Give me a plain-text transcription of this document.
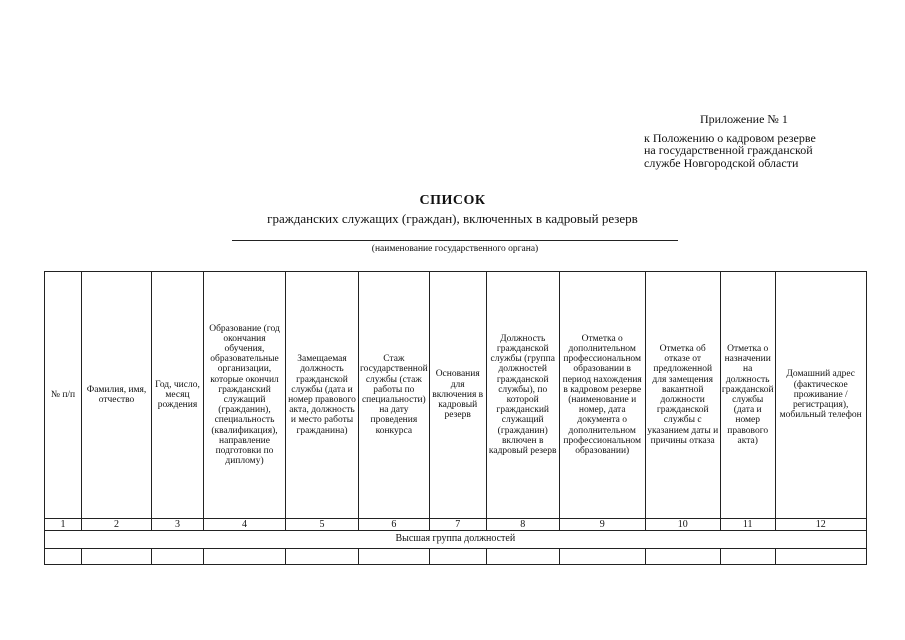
Приложение № 1
к Положению о кадровом резерве
на государственной гражданской
службе Новгородской области
СПИСОК
гражданских служащих (граждан), включенных в кадровый резерв
(наименование государственного органа)
№ п/п	Фамилия, имя, отчество	Год, число, месяц рождения	Образование (год окончания обучения, образовательные организации, которые окончил гражданский служащий (гражданин), специальность (квалификация), направление подготовки по диплому)	Замещаемая должность гражданской службы (дата и номер правового акта, должность и место работы гражданина)	Стаж государственной службы (стаж работы по специальности) на дату проведения конкурса	Основания для включения в кадровый резерв	Должность гражданской службы (группа должностей гражданской службы), по которой гражданский служащий (гражданин) включен в кадровый резерв	Отметка о дополнительном профессиональном образовании в период нахождения в кадровом резерве (наименование и номер, дата документа о дополнительном профессиональном образовании)	Отметка об отказе от предложенной для замещения вакантной должности гражданской службы с указанием даты и причины отказа	Отметка о назначении на должность гражданской службы (дата и номер правового акта)	Домашний адрес (фактическое проживание / регистрация), мобильный телефон
1	2	3	4	5	6	7	8	9	10	11	12
Высшая группа должностей											
